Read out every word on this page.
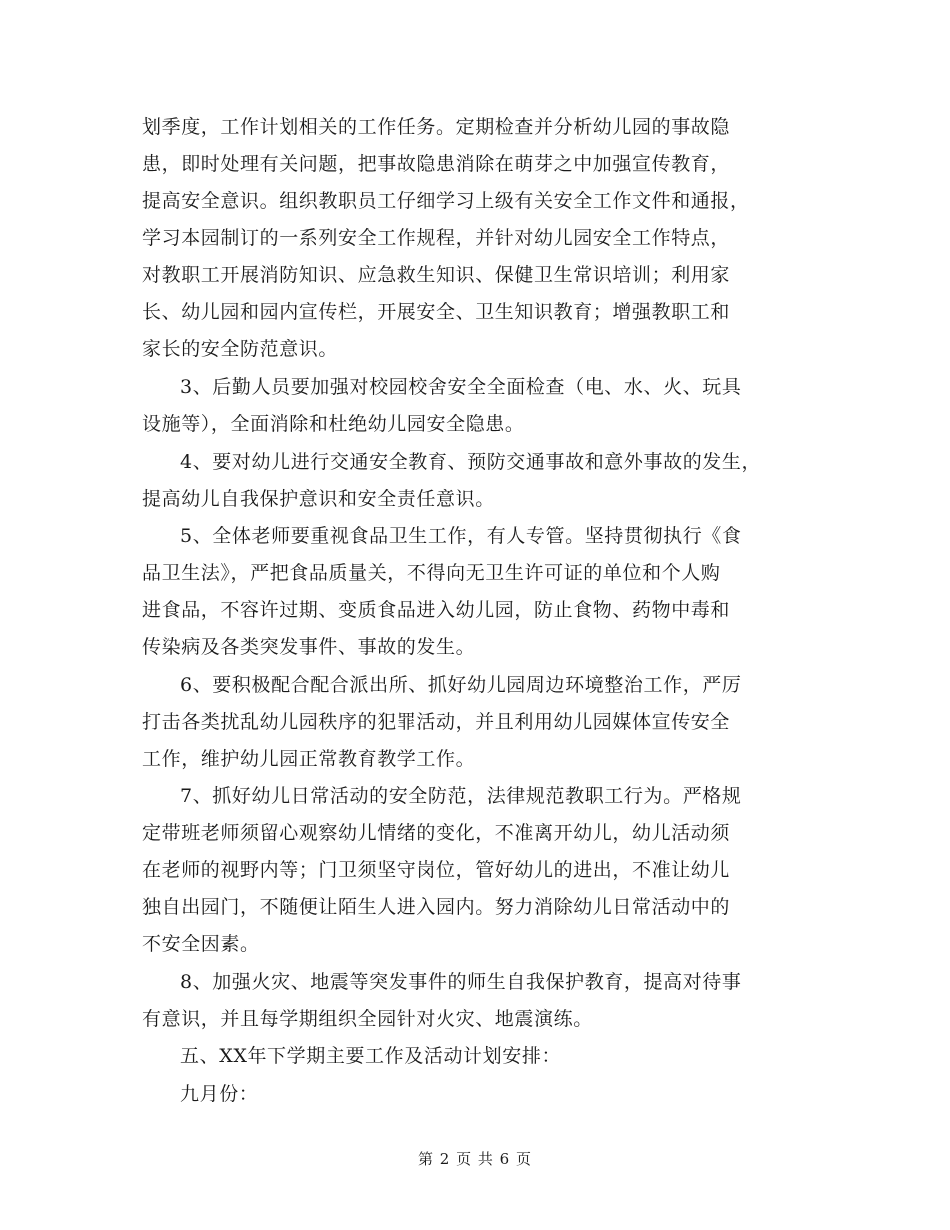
划季度，工作计划相关的工作任务。定期检查并分析幼儿园的事故隐
患，即时处理有关问题，把事故隐患消除在萌芽之中加强宣传教育，
提高安全意识。组织教职员工仔细学习上级有关安全工作文件和通报，
学习本园制订的一系列安全工作规程，并针对幼儿园安全工作特点，
对教职工开展消防知识、应急救生知识、保健卫生常识培训；利用家
长、幼儿园和园内宣传栏，开展安全、卫生知识教育；增强教职工和
家长的安全防范意识。
3、后勤人员要加强对校园校舍安全全面检查（电、水、火、玩具
设施等），全面消除和杜绝幼儿园安全隐患。
4、要对幼儿进行交通安全教育、预防交通事故和意外事故的发生，
提高幼儿自我保护意识和安全责任意识。
5、全体老师要重视食品卫生工作，有人专管。坚持贯彻执行《食
品卫生法》，严把食品质量关，不得向无卫生许可证的单位和个人购
进食品，不容许过期、变质食品进入幼儿园，防止食物、药物中毒和
传染病及各类突发事件、事故的发生。
6、要积极配合配合派出所、抓好幼儿园周边环境整治工作，严厉
打击各类扰乱幼儿园秩序的犯罪活动，并且利用幼儿园媒体宣传安全
工作，维护幼儿园正常教育教学工作。
7、抓好幼儿日常活动的安全防范，法律规范教职工行为。严格规
定带班老师须留心观察幼儿情绪的变化，不准离开幼儿，幼儿活动须
在老师的视野内等；门卫须坚守岗位，管好幼儿的进出，不准让幼儿
独自出园门，不随便让陌生人进入园内。努力消除幼儿日常活动中的
不安全因素。
8、加强火灾、地震等突发事件的师生自我保护教育，提高对待事
有意识，并且每学期组织全园针对火灾、地震演练。
五、XX年下学期主要工作及活动计划安排：
九月份：
第 2 页 共 6 页
